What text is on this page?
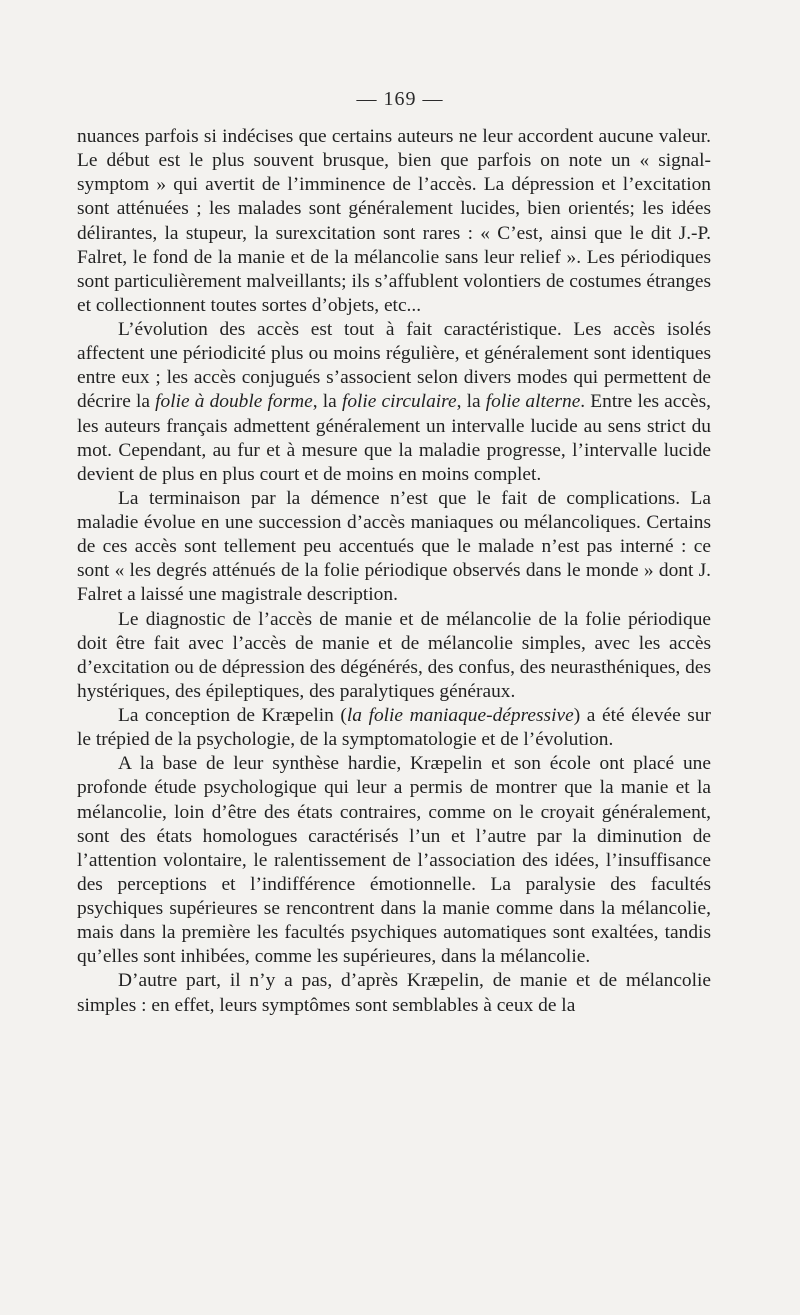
— 169 —

nuances parfois si indécises que certains auteurs ne leur accordent aucune valeur. Le début est le plus souvent brusque, bien que parfois on note un « signal-symptom » qui avertit de l’imminence de l’accès. La dépression et l’excitation sont atténuées ; les malades sont généralement lucides, bien orientés; les idées délirantes, la stupeur, la surexcitation sont rares : « C’est, ainsi que le dit J.-P. Falret, le fond de la manie et de la mélancolie sans leur relief ». Les périodiques sont particulièrement malveillants; ils s’affublent volontiers de costumes étranges et collectionnent toutes sortes d’objets, etc...

L’évolution des accès est tout à fait caractéristique. Les accès isolés affectent une périodicité plus ou moins régulière, et généralement sont identiques entre eux ; les accès conjugués s’associent selon divers modes qui permettent de décrire la folie à double forme, la folie circulaire, la folie alterne. Entre les accès, les auteurs français admettent généralement un intervalle lucide au sens strict du mot. Cependant, au fur et à mesure que la maladie progresse, l’intervalle lucide devient de plus en plus court et de moins en moins complet.

La terminaison par la démence n’est que le fait de complications. La maladie évolue en une succession d’accès maniaques ou mélancoliques. Certains de ces accès sont tellement peu accentués que le malade n’est pas interné : ce sont « les degrés atténués de la folie périodique observés dans le monde » dont J. Falret a laissé une magistrale description.

Le diagnostic de l’accès de manie et de mélancolie de la folie périodique doit être fait avec l’accès de manie et de mélancolie simples, avec les accès d’excitation ou de dépression des dégénérés, des confus, des neurasthéniques, des hystériques, des épileptiques, des paralytiques généraux.

La conception de Kræpelin (la folie maniaque-dépressive) a été élevée sur le trépied de la psychologie, de la symptomatologie et de l’évolution.

A la base de leur synthèse hardie, Kræpelin et son école ont placé une profonde étude psychologique qui leur a permis de montrer que la manie et la mélancolie, loin d’être des états contraires, comme on le croyait généralement, sont des états homologues caractérisés l’un et l’autre par la diminution de l’attention volontaire, le ralentissement de l’association des idées, l’insuffisance des perceptions et l’indifférence émotionnelle. La paralysie des facultés psychiques supérieures se rencontrent dans la manie comme dans la mélancolie, mais dans la première les facultés psychiques automatiques sont exaltées, tandis qu’elles sont inhibées, comme les supérieures, dans la mélancolie.

D’autre part, il n’y a pas, d’après Kræpelin, de manie et de mélancolie simples : en effet, leurs symptômes sont semblables à ceux de la
